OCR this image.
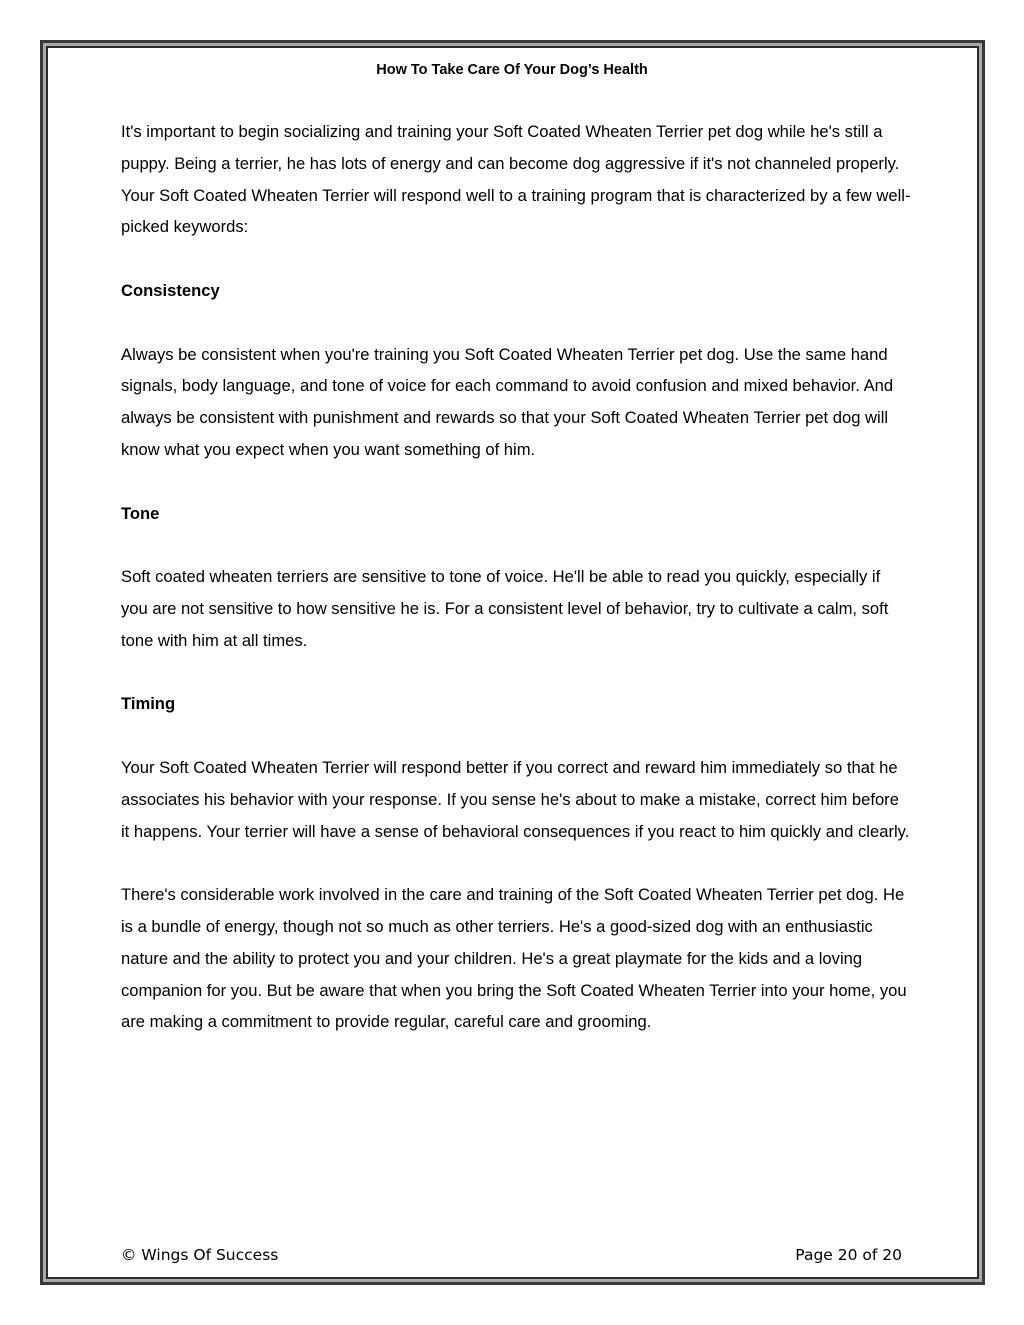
How To Take Care Of Your Dog’s Health

It's important to begin socializing and training your Soft Coated Wheaten Terrier pet dog while he's still a puppy. Being a terrier, he has lots of energy and can become dog aggressive if it's not channeled properly. Your Soft Coated Wheaten Terrier will respond well to a training program that is characterized by a few well-picked keywords:

Consistency

Always be consistent when you're training you Soft Coated Wheaten Terrier pet dog. Use the same hand signals, body language, and tone of voice for each command to avoid confusion and mixed behavior. And always be consistent with punishment and rewards so that your Soft Coated Wheaten Terrier pet dog will know what you expect when you want something of him.

Tone

Soft coated wheaten terriers are sensitive to tone of voice. He'll be able to read you quickly, especially if you are not sensitive to how sensitive he is. For a consistent level of behavior, try to cultivate a calm, soft tone with him at all times.

Timing

Your Soft Coated Wheaten Terrier will respond better if you correct and reward him immediately so that he associates his behavior with your response. If you sense he's about to make a mistake, correct him before it happens. Your terrier will have a sense of behavioral consequences if you react to him quickly and clearly.

There's considerable work involved in the care and training of the Soft Coated Wheaten Terrier pet dog. He is a bundle of energy, though not so much as other terriers. He's a good-sized dog with an enthusiastic nature and the ability to protect you and your children. He's a great playmate for the kids and a loving companion for you. But be aware that when you bring the Soft Coated Wheaten Terrier into your home, you are making a commitment to provide regular, careful care and grooming.

© Wings Of Success	Page 20 of 20
